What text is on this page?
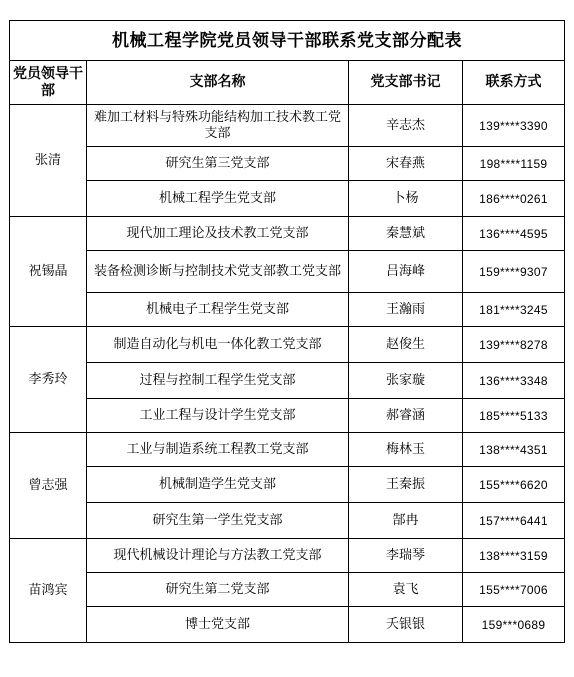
机械工程学院党员领导干部联系党支部分配表			
党员领导干部	支部名称	党支部书记	联系方式
张清	难加工材料与特殊功能结构加工技术教工党支部	辛志杰	139****3390
	研究生第三党支部	宋春燕	198****1159
	机械工程学生党支部	卜杨	186****0261
祝锡晶	现代加工理论及技术教工党支部	秦慧斌	136****4595
	装备检测诊断与控制技术党支部教工党支部	吕海峰	159****9307
	机械电子工程学生党支部	王瀚雨	181****3245
李秀玲	制造自动化与机电一体化教工党支部	赵俊生	139****8278
	过程与控制工程学生党支部	张家璇	136****3348
	工业工程与设计学生党支部	郝睿涵	185****5133
曾志强	工业与制造系统工程教工党支部	梅林玉	138****4351
	机械制造学生党支部	王秦振	155****6620
	研究生第一学生党支部	郜冉	157****6441
苗鸿宾	现代机械设计理论与方法教工党支部	李瑞琴	138****3159
	研究生第二党支部	袁飞	155****7006
	博士党支部	夭银银	159***0689
